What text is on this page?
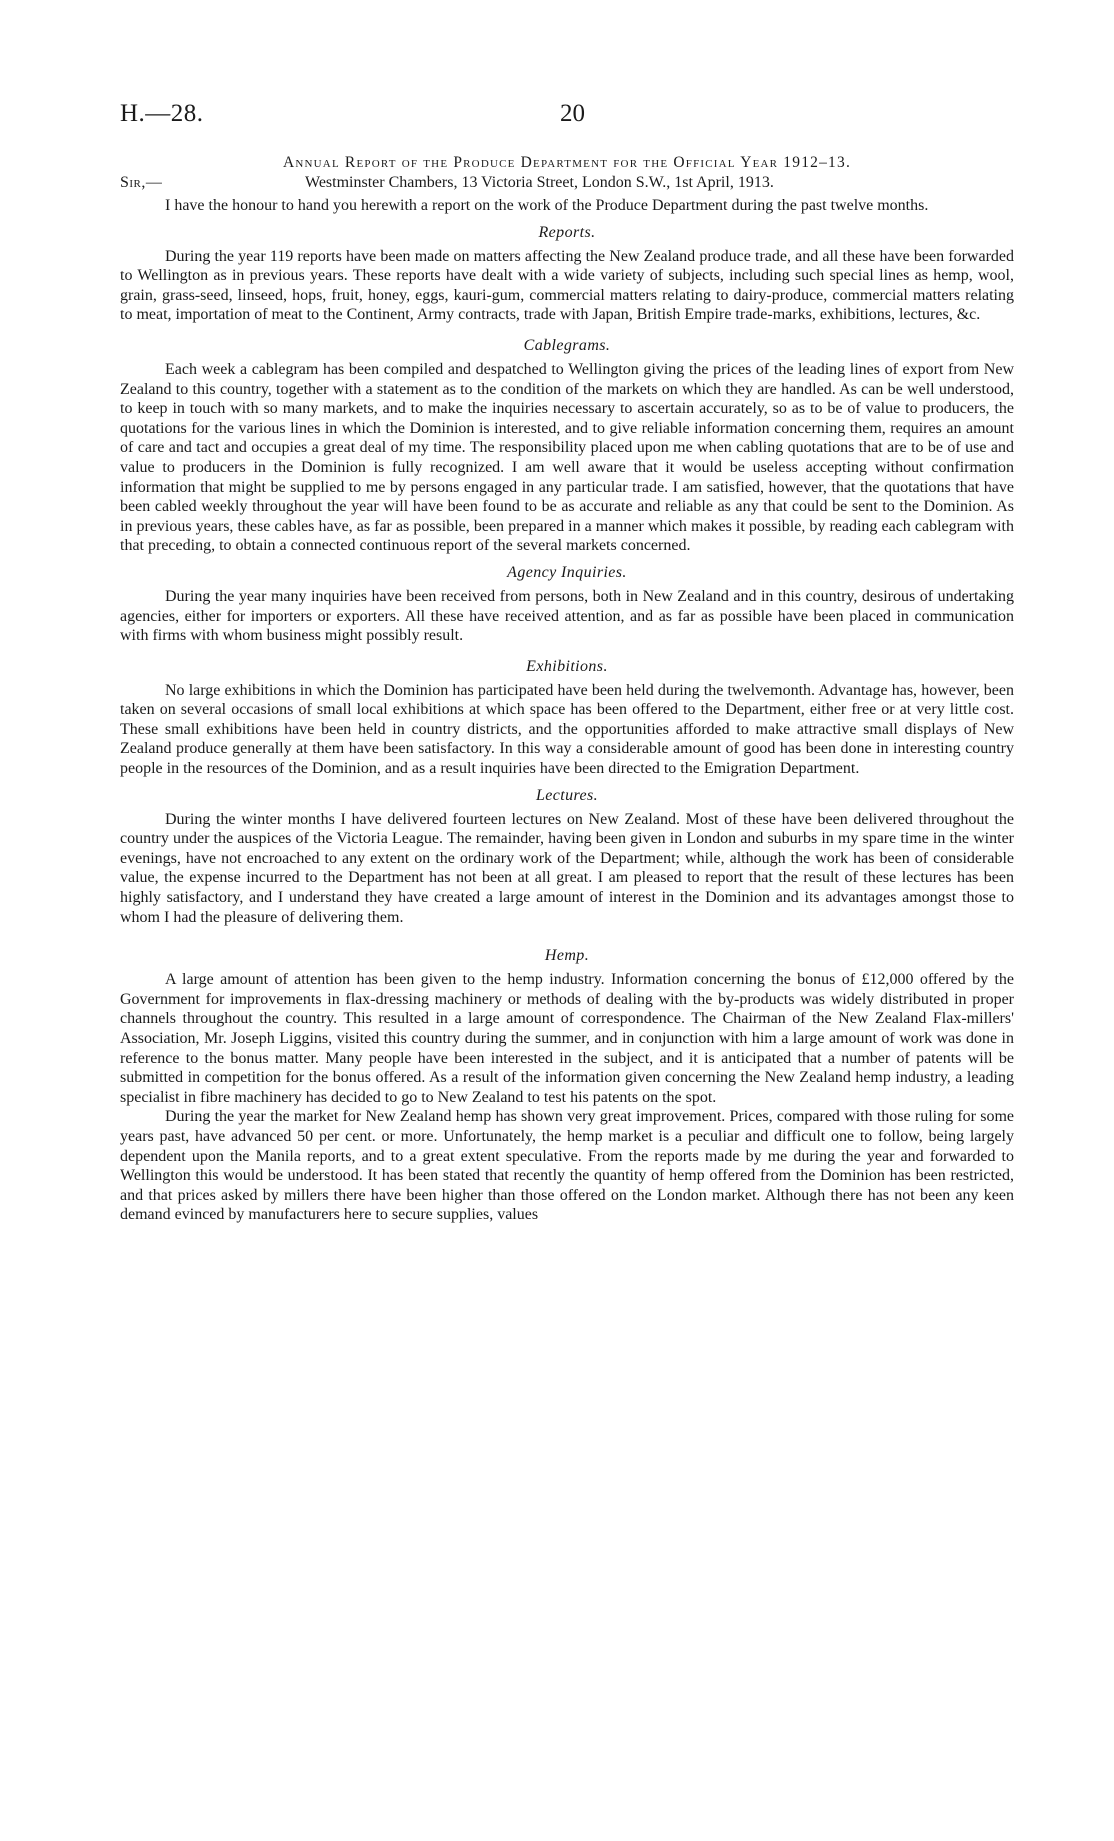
H.—28.	20
Annual Report of the Produce Department for the Official Year 1912–13.
Sir,—	Westminster Chambers, 13 Victoria Street, London S.W., 1st April, 1913.

I have the honour to hand you herewith a report on the work of the Produce Department during the past twelve months.

Reports.

During the year 119 reports have been made on matters affecting the New Zealand produce trade, and all these have been forwarded to Wellington as in previous years. These reports have dealt with a wide variety of subjects, including such special lines as hemp, wool, grain, grass-seed, linseed, hops, fruit, honey, eggs, kauri-gum, commercial matters relating to dairy-produce, commercial matters relating to meat, importation of meat to the Continent, Army contracts, trade with Japan, British Empire trade-marks, exhibitions, lectures, &c.

Cablegrams.

Each week a cablegram has been compiled and despatched to Wellington giving the prices of the leading lines of export from New Zealand to this country, together with a statement as to the condition of the markets on which they are handled. As can be well understood, to keep in touch with so many markets, and to make the inquiries necessary to ascertain accurately, so as to be of value to producers, the quotations for the various lines in which the Dominion is interested, and to give reliable information concerning them, requires an amount of care and tact and occupies a great deal of my time. The responsibility placed upon me when cabling quotations that are to be of use and value to producers in the Dominion is fully recognized. I am well aware that it would be useless accepting without confirmation information that might be supplied to me by persons engaged in any particular trade. I am satisfied, however, that the quotations that have been cabled weekly throughout the year will have been found to be as accurate and reliable as any that could be sent to the Dominion. As in previous years, these cables have, as far as possible, been prepared in a manner which makes it possible, by reading each cablegram with that preceding, to obtain a connected continuous report of the several markets concerned.

Agency Inquiries.

During the year many inquiries have been received from persons, both in New Zealand and in this country, desirous of undertaking agencies, either for importers or exporters. All these have received attention, and as far as possible have been placed in communication with firms with whom business might possibly result.

Exhibitions.

No large exhibitions in which the Dominion has participated have been held during the twelvemonth. Advantage has, however, been taken on several occasions of small local exhibitions at which space has been offered to the Department, either free or at very little cost. These small exhibitions have been held in country districts, and the opportunities afforded to make attractive small displays of New Zealand produce generally at them have been satisfactory. In this way a considerable amount of good has been done in interesting country people in the resources of the Dominion, and as a result inquiries have been directed to the Emigration Department.

Lectures.

During the winter months I have delivered fourteen lectures on New Zealand. Most of these have been delivered throughout the country under the auspices of the Victoria League. The remainder, having been given in London and suburbs in my spare time in the winter evenings, have not encroached to any extent on the ordinary work of the Department; while, although the work has been of considerable value, the expense incurred to the Department has not been at all great. I am pleased to report that the result of these lectures has been highly satisfactory, and I understand they have created a large amount of interest in the Dominion and its advantages amongst those to whom I had the pleasure of delivering them.

Hemp.

A large amount of attention has been given to the hemp industry. Information concerning the bonus of £12,000 offered by the Government for improvements in flax-dressing machinery or methods of dealing with the by-products was widely distributed in proper channels throughout the country. This resulted in a large amount of correspondence. The Chairman of the New Zealand Flax-millers' Association, Mr. Joseph Liggins, visited this country during the summer, and in conjunction with him a large amount of work was done in reference to the bonus matter. Many people have been interested in the subject, and it is anticipated that a number of patents will be submitted in competition for the bonus offered. As a result of the information given concerning the New Zealand hemp industry, a leading specialist in fibre machinery has decided to go to New Zealand to test his patents on the spot.

During the year the market for New Zealand hemp has shown very great improvement. Prices, compared with those ruling for some years past, have advanced 50 per cent. or more. Unfortunately, the hemp market is a peculiar and difficult one to follow, being largely dependent upon the Manila reports, and to a great extent speculative. From the reports made by me during the year and forwarded to Wellington this would be understood. It has been stated that recently the quantity of hemp offered from the Dominion has been restricted, and that prices asked by millers there have been higher than those offered on the London market. Although there has not been any keen demand evinced by manufacturers here to secure supplies, values
